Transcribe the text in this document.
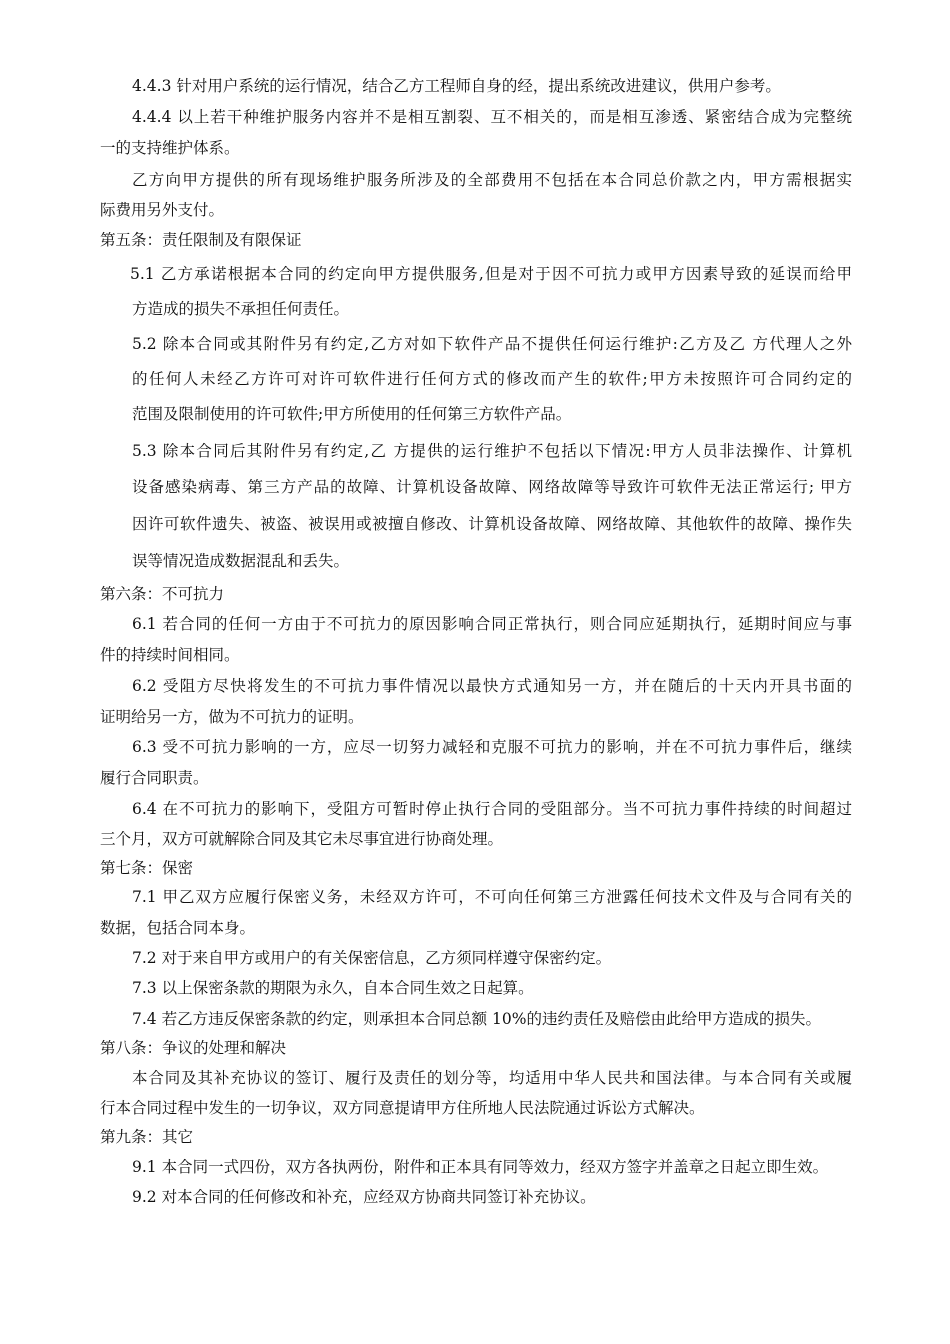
4.4.3 针对用户系统的运行情况，结合乙方工程师自身的经，提出系统改进建议，供用户参考。
4.4.4 以上若干种维护服务内容并不是相互割裂、互不相关的，而是相互渗透、紧密结合成为完整统
一的支持维护体系。
乙方向甲方提供的所有现场维护服务所涉及的全部费用不包括在本合同总价款之内，甲方需根据实
际费用另外支付。
第五条：责任限制及有限保证
5.1 乙方承诺根据本合同的约定向甲方提供服务,但是对于因不可抗力或甲方因素导致的延误而给甲
方造成的损失不承担任何责任。
5.2 除本合同或其附件另有约定,乙方对如下软件产品不提供任何运行维护:乙方及乙 方代理人之外
的任何人未经乙方许可对许可软件进行任何方式的修改而产生的软件;甲方未按照许可合同约定的
范围及限制使用的许可软件;甲方所使用的任何第三方软件产品。
5.3 除本合同后其附件另有约定,乙 方提供的运行维护不包括以下情况:甲方人员非法操作、计算机
设备感染病毒、第三方产品的故障、计算机设备故障、网络故障等导致许可软件无法正常运行; 甲方
因许可软件遗失、被盗、被误用或被擅自修改、计算机设备故障、网络故障、其他软件的故障、操作失
误等情况造成数据混乱和丢失。
第六条：不可抗力
6.1 若合同的任何一方由于不可抗力的原因影响合同正常执行，则合同应延期执行，延期时间应与事
件的持续时间相同。
6.2 受阻方尽快将发生的不可抗力事件情况以最快方式通知另一方，并在随后的十天内开具书面的
证明给另一方，做为不可抗力的证明。
6.3 受不可抗力影响的一方，应尽一切努力减轻和克服不可抗力的影响，并在不可抗力事件后，继续
履行合同职责。
6.4 在不可抗力的影响下，受阻方可暂时停止执行合同的受阻部分。当不可抗力事件持续的时间超过
三个月，双方可就解除合同及其它未尽事宜进行协商处理。
第七条：保密
7.1 甲乙双方应履行保密义务，未经双方许可，不可向任何第三方泄露任何技术文件及与合同有关的
数据，包括合同本身。
7.2 对于来自甲方或用户的有关保密信息，乙方须同样遵守保密约定。
7.3 以上保密条款的期限为永久，自本合同生效之日起算。
7.4 若乙方违反保密条款的约定，则承担本合同总额 10%的违约责任及赔偿由此给甲方造成的损失。
第八条：争议的处理和解决
本合同及其补充协议的签订、履行及责任的划分等，均适用中华人民共和国法律。与本合同有关或履
行本合同过程中发生的一切争议，双方同意提请甲方住所地人民法院通过诉讼方式解决。
第九条：其它
9.1 本合同一式四份，双方各执两份，附件和正本具有同等效力，经双方签字并盖章之日起立即生效。
9.2 对本合同的任何修改和补充，应经双方协商共同签订补充协议。
